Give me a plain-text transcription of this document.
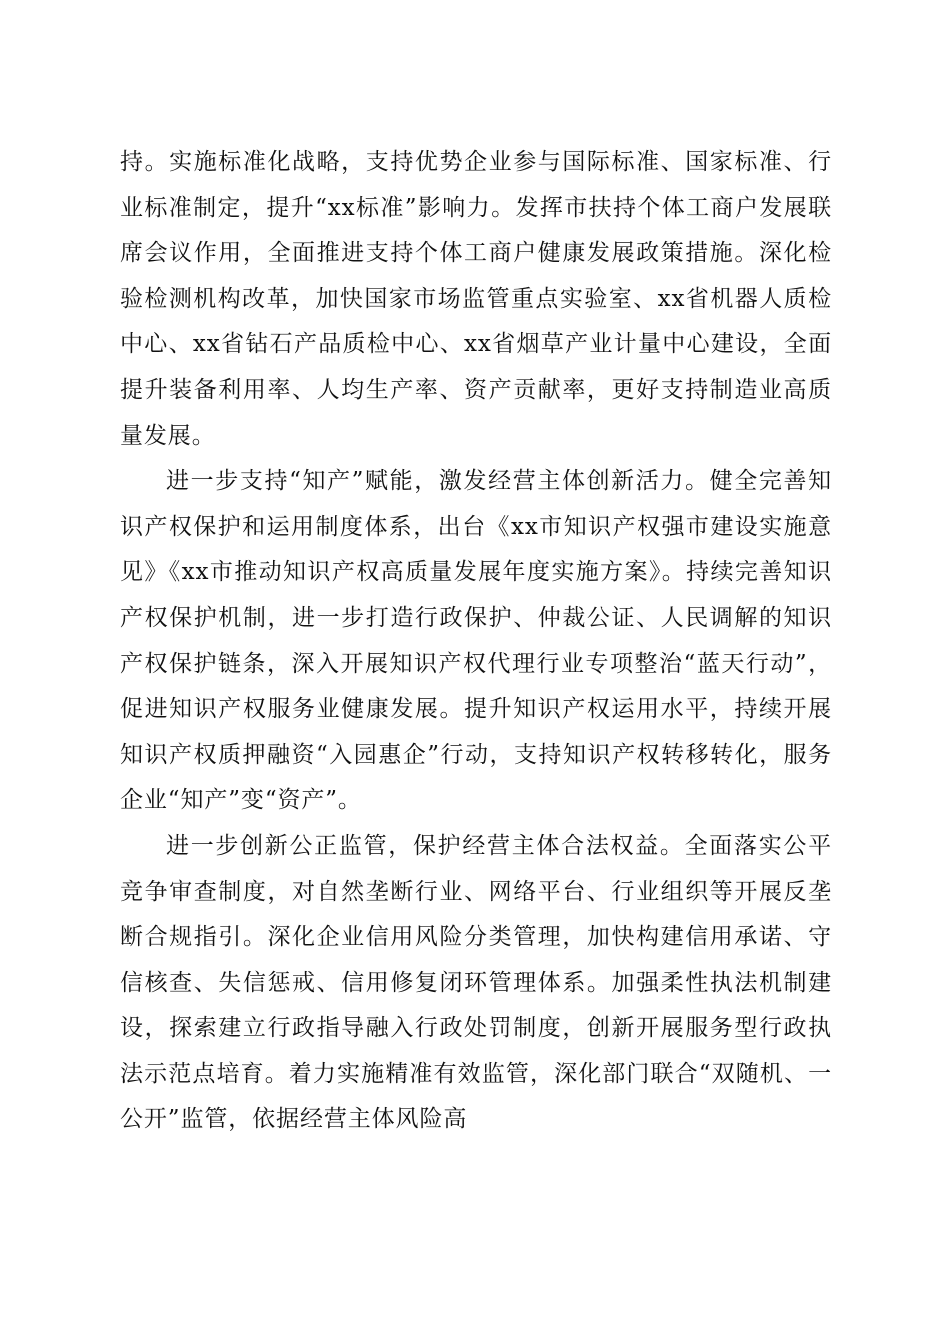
持。实施标准化战略，支持优势企业参与国际标准、国家标准、行业标准制定，提升“xx标准”影响力。发挥市扶持个体工商户发展联席会议作用，全面推进支持个体工商户健康发展政策措施。深化检验检测机构改革，加快国家市场监管重点实验室、xx省机器人质检中心、xx省钻石产品质检中心、xx省烟草产业计量中心建设，全面提升装备利用率、人均生产率、资产贡献率，更好支持制造业高质量发展。

进一步支持“知产”赋能，激发经营主体创新活力。健全完善知识产权保护和运用制度体系，出台《xx市知识产权强市建设实施意见》《xx市推动知识产权高质量发展年度实施方案》。持续完善知识产权保护机制，进一步打造行政保护、仲裁公证、人民调解的知识产权保护链条，深入开展知识产权代理行业专项整治“蓝天行动”，促进知识产权服务业健康发展。提升知识产权运用水平，持续开展知识产权质押融资“入园惠企”行动，支持知识产权转移转化，服务企业“知产”变“资产”。

进一步创新公正监管，保护经营主体合法权益。全面落实公平竞争审查制度，对自然垄断行业、网络平台、行业组织等开展反垄断合规指引。深化企业信用风险分类管理，加快构建信用承诺、守信核查、失信惩戒、信用修复闭环管理体系。加强柔性执法机制建设，探索建立行政指导融入行政处罚制度，创新开展服务型行政执法示范点培育。着力实施精准有效监管，深化部门联合“双随机、一公开”监管，依据经营主体风险高
